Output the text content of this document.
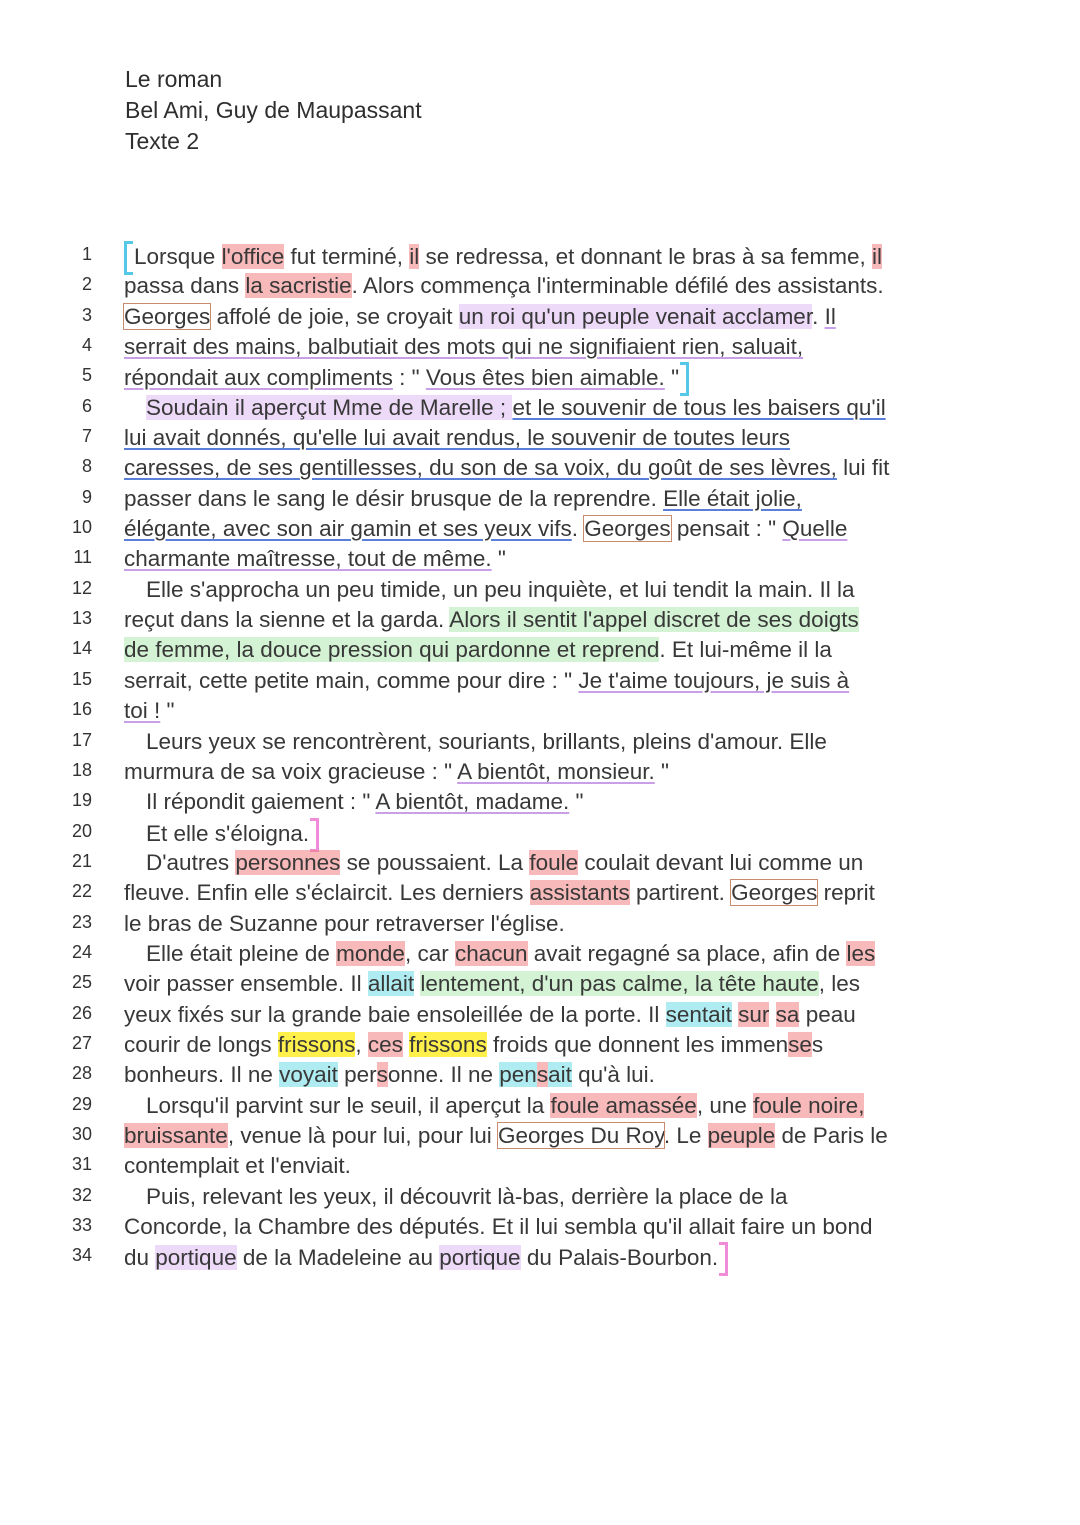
Le roman
Bel Ami, Guy de Maupassant
Texte 2
1	Lorsque l'office fut terminé, il se redressa, et donnant le bras à sa femme, il
2 passa dans la sacristie. Alors commença l'interminable défilé des assistants.
3 Georges affolé de joie, se croyait un roi qu'un peuple venait acclamer. Il
4 serrait des mains, balbutiait des mots qui ne signifiaient rien, saluait,
5 répondait aux compliments : " Vous êtes bien aimable. "
6	Soudain il aperçut Mme de Marelle ; et le souvenir de tous les baisers qu'il
7 lui avait donnés, qu'elle lui avait rendus, le souvenir de toutes leurs
8 caresses, de ses gentillesses, du son de sa voix, du goût de ses lèvres, lui fit
9 passer dans le sang le désir brusque de la reprendre. Elle était jolie,
10 élégante, avec son air gamin et ses yeux vifs. Georges pensait : " Quelle
11 charmante maîtresse, tout de même. "
12	Elle s'approcha un peu timide, un peu inquiète, et lui tendit la main. Il la
13 reçut dans la sienne et la garda. Alors il sentit l'appel discret de ses doigts
14 de femme, la douce pression qui pardonne et reprend. Et lui-même il la
15 serrait, cette petite main, comme pour dire : " Je t'aime toujours, je suis à
16 toi ! "
17	Leurs yeux se rencontrèrent, souriants, brillants, pleins d'amour. Elle
18 murmura de sa voix gracieuse : " A bientôt, monsieur. "
19	Il répondit gaiement : " A bientôt, madame. "
20	Et elle s'éloigna.
21	D'autres personnes se poussaient. La foule coulait devant lui comme un
22 fleuve. Enfin elle s'éclaircit. Les derniers assistants partirent. Georges reprit
23 le bras de Suzanne pour retraverser l'église.
24	Elle était pleine de monde, car chacun avait regagné sa place, afin de les
25 voir passer ensemble. Il allait lentement, d'un pas calme, la tête haute, les
26 yeux fixés sur la grande baie ensoleillée de la porte. Il sentait sur sa peau
27 courir de longs frissons, ces frissons froids que donnent les immenses
28 bonheurs. Il ne voyait personne. Il ne pensait qu'à lui.
29	Lorsqu'il parvint sur le seuil, il aperçut la foule amassée, une foule noire,
30 bruissante, venue là pour lui, pour lui Georges Du Roy. Le peuple de Paris le
31 contemplait et l'enviait.
32	Puis, relevant les yeux, il découvrit là-bas, derrière la place de la
33 Concorde, la Chambre des députés. Et il lui sembla qu'il allait faire un bond
34 du portique de la Madeleine au portique du Palais-Bourbon.
